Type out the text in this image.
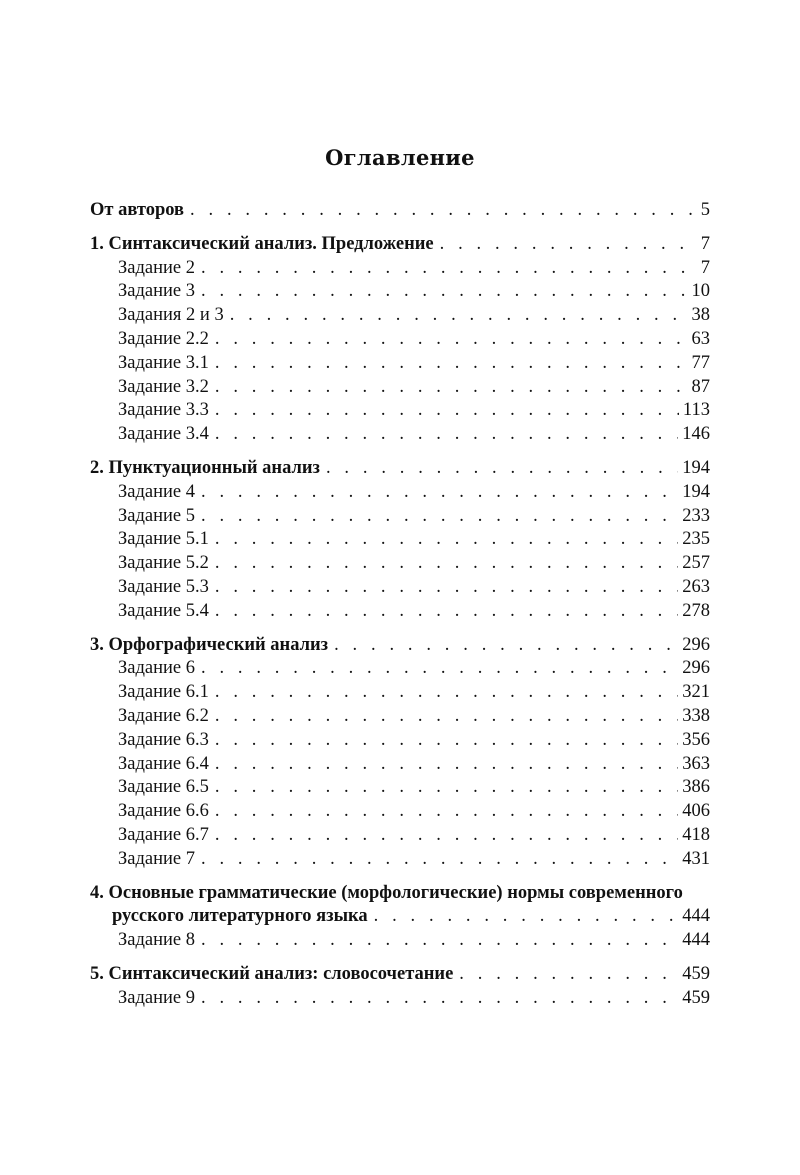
Оглавление
От авторов . . .	5
1. Синтаксический анализ. Предложение . . .	7
Задание 2 . . .	7
Задание 3 . . .	10
Задания 2 и 3 . . .	38
Задание 2.2 . . .	63
Задание 3.1 . . .	77
Задание 3.2 . . .	87
Задание 3.3 . . .	113
Задание 3.4 . . .	146
2. Пунктуационный анализ . . .	194
Задание 4 . . .	194
Задание 5 . . .	233
Задание 5.1 . . .	235
Задание 5.2 . . .	257
Задание 5.3 . . .	263
Задание 5.4 . . .	278
3. Орфографический анализ . . .	296
Задание 6 . . .	296
Задание 6.1 . . .	321
Задание 6.2 . . .	338
Задание 6.3 . . .	356
Задание 6.4 . . .	363
Задание 6.5 . . .	386
Задание 6.6 . . .	406
Задание 6.7 . . .	418
Задание 7 . . .	431
4. Основные грамматические (морфологические) нормы современного
русского литературного языка . . .	444
Задание 8 . . .	444
5. Синтаксический анализ: словосочетание . . .	459
Задание 9 . . .	459
